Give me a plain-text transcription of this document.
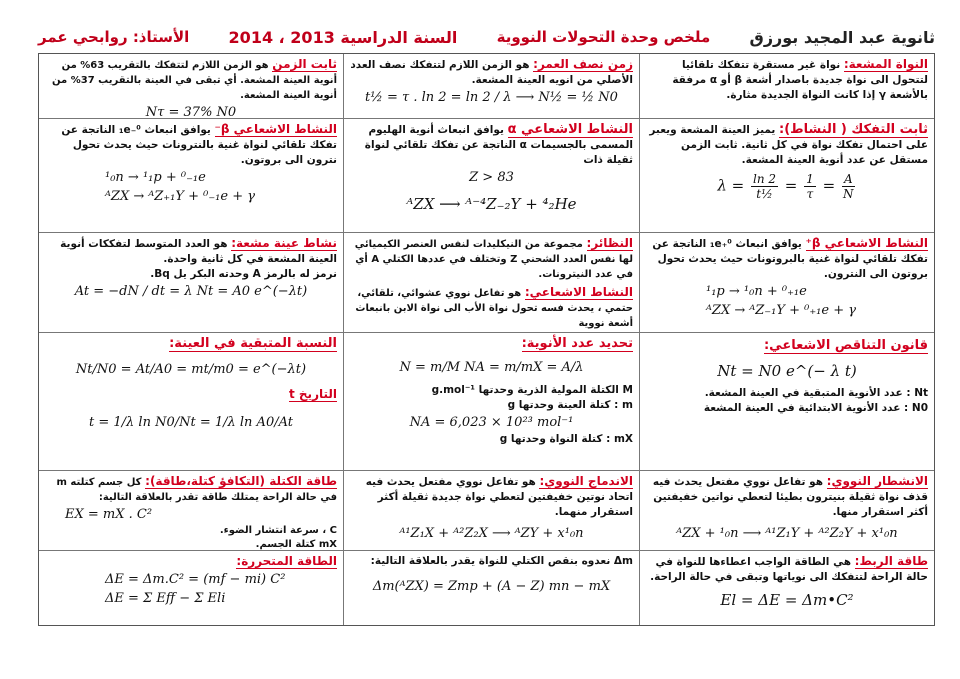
ثانوية عبد المجيد بورزق
ملخص وحدة التحولات النووية
السنة الدراسية 2013 ، 2014
الأستاذ: روابحي عمر
النواة المشعة: نواة غير مستقرة تتفكك تلقائيا لتتحول الى نواة جديدة باصدار أشعة β أو α مرفقة بالأشعة γ إذا كانت النواة الجديدة مثارة.
زمن نصف العمر: هو الزمن اللازم لتتفكك نصف العدد الأصلي من انويه العينة المشعة.
t½ = τ . ln 2 = ln 2 / λ ⟶ N½ = ½ N0
ثابت الزمن هو الزمن اللازم لتتفكك بالتقريب 63% من أنوية العينة المشعة. أي تبقى في العينة بالتقريب 37% من أنوية العينة المشعة.
Nτ = 37% N0
ثابت التفكك ( النشاط): يميز العينة المشعة ويعبر على احتمال تفكك نواة في كل ثانية. ثابت الزمن مستقل عن عدد أنوية العينة المشعة.
$\lambda = \frac{\ln 2}{\text{t½}} = \frac{1}{\tau} = \frac{A}{N}$
النشاط الاشعاعي α يوافق انبعاث أنوية الهليوم المسمى بالجسيمات α الناتجة عن تفكك تلقائي لنواة ثقيلة ذات
Z > 83
ᴬZX ⟶ ᴬ⁻⁴Z₋₂Y + ⁴₂He
النشاط الاشعاعي β⁻ يوافق انبعاث ⁰₋₁e الناتجة عن تفكك تلقائي لنواة غنية بالنترونات حيث يحدث تحول نترون الى بروتون.
¹₀n → ¹₁p + ⁰₋₁e
ᴬZX → ᴬZ₊₁Y + ⁰₋₁e + γ
النشاط الاشعاعي β⁺ يوافق انبعاث ⁰₊₁e الناتجة عن تفكك تلقائي لنواة غنية بالبروتونات حيث يحدث تحول بروتون الى النترون.
¹₁p → ¹₀n + ⁰₊₁e
ᴬZX → ᴬZ₋₁Y + ⁰₊₁e + γ
النظائر: مجموعة من النيكليدات لنفس العنصر الكيميائي لها نفس العدد الشحني Z وتختلف في عددها الكتلي A أي في عدد النيترونات.
النشاط الاشعاعي: هو تفاعل نووي عشوائي، تلقائي، حتمي ، يحدث فسه تحول نواة الأب الى نواة الابن بانبعاث أشعة نووية
نشاط عينة مشعة: هو العدد المتوسط لتفككات أنوية العينة المشعة في كل ثانية واحدة.
نرمز له بالرمز A وحدته البكر يل Bq.
At = −dN / dt = λ Nt = A0 e^(−λt)
قانون التناقص الاشعاعي:
Nt = N0 e^(− λ t)
Nt : عدد الأنوية المتبقية في العينة المشعة.
N0 : عدد الأنوية الابتدائية في العينة المشعة
تحديد عدد الأنوية:
N = m/M NA = m/mX = A/λ
M الكتلة المولية الذرية وحدتها g.mol⁻¹
m : كتلة العينة وحدتها g
NA = 6,023 × 10²³ mol⁻¹
mX : كتلة النواة وحدتها g
النسبة المتبقية في العينة:
Nt/N0 = At/A0 = mt/m0 = e^(−λt)
التاريخ t
t = 1/λ ln N0/Nt = 1/λ ln A0/At
الانشطار النووي: هو تفاعل نووي مفتعل يحدث فيه قذف نواة ثقيلة بنيترون بطيئا لتعطي نواتين خفيفتين أكثر استقرار منها.
ᴬZX + ¹₀n ⟶ ᴬ¹Z₁Y + ᴬ²Z₂Y + x¹₀n
الاندماج النووي: هو تفاعل نووي مفتعل يحدث فيه اتحاد نوتين خفيفتين لتعطي نواة جديدة ثقيلة أكثر استقرار منهما.
ᴬ¹Z₁X + ᴬ²Z₂X ⟶ ᴬZY + x¹₀n
طاقة الكتلة (التكافؤ كتلة،طاقة): كل جسم كتلته m في حالة الراحة يمتلك طاقة تقدر بالعلاقة التالية:
EX = mX . C²
C ، سرعة انتشار الضوء.
mX كتلة الجسم.
طاقة الربط: هي الطاقة الواجب اعطاءها للنواة في حالة الراحة لتتفكك الى نوياتها وتبقى في حالة الراحة.
El = ΔE = Δm•C²
Δm نعدوه بنقص الكتلي للنواة يقدر بالعلاقة التالية:
Δm(ᴬZX) = Zmp + (A − Z) mn − mX
الطاقة المتحررة:
ΔE = Δm.C² = (mf − mi) C²
ΔE = Σ Eff − Σ Eli
